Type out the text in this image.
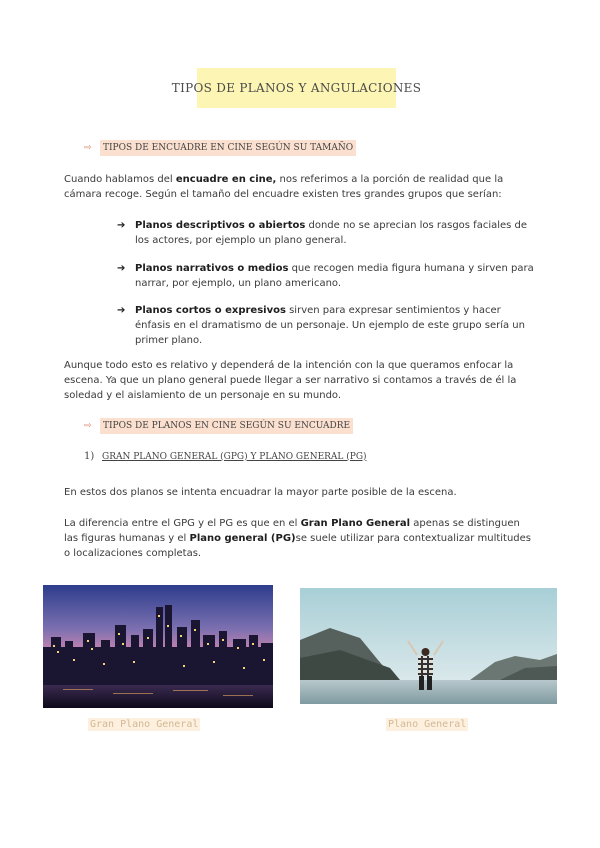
TIPOS DE PLANOS Y ANGULACIONES
⇨	TIPOS DE ENCUADRE EN CINE SEGÚN SU TAMAÑO

Cuando hablamos del encuadre en cine, nos referimos a la porción de realidad que la cámara recoge. Según el tamaño del encuadre existen tres grandes grupos que serían:

➔ Planos descriptivos o abiertos donde no se aprecian los rasgos faciales de los actores, por ejemplo un plano general.
➔ Planos narrativos o medios que recogen media figura humana y sirven para narrar, por ejemplo, un plano americano.
➔ Planos cortos o expresivos sirven para expresar sentimientos y hacer énfasis en el dramatismo de un personaje. Un ejemplo de este grupo sería un primer plano.

Aunque todo esto es relativo y dependerá de la intención con la que queramos enfocar la escena. Ya que un plano general puede llegar a ser narrativo si contamos a través de él la soledad y el aislamiento de un personaje en su mundo.

⇨	TIPOS DE PLANOS EN CINE SEGÚN SU ENCUADRE
1) GRAN PLANO GENERAL (GPG) Y PLANO GENERAL (PG)

En estos dos planos se intenta encuadrar la mayor parte posible de la escena.

La diferencia entre el GPG y el PG es que en el Gran Plano General apenas se distinguen las figuras humanas y el Plano general (PG)se suele utilizar para contextualizar multitudes o localizaciones completas.

Gran Plano General	Plano General
